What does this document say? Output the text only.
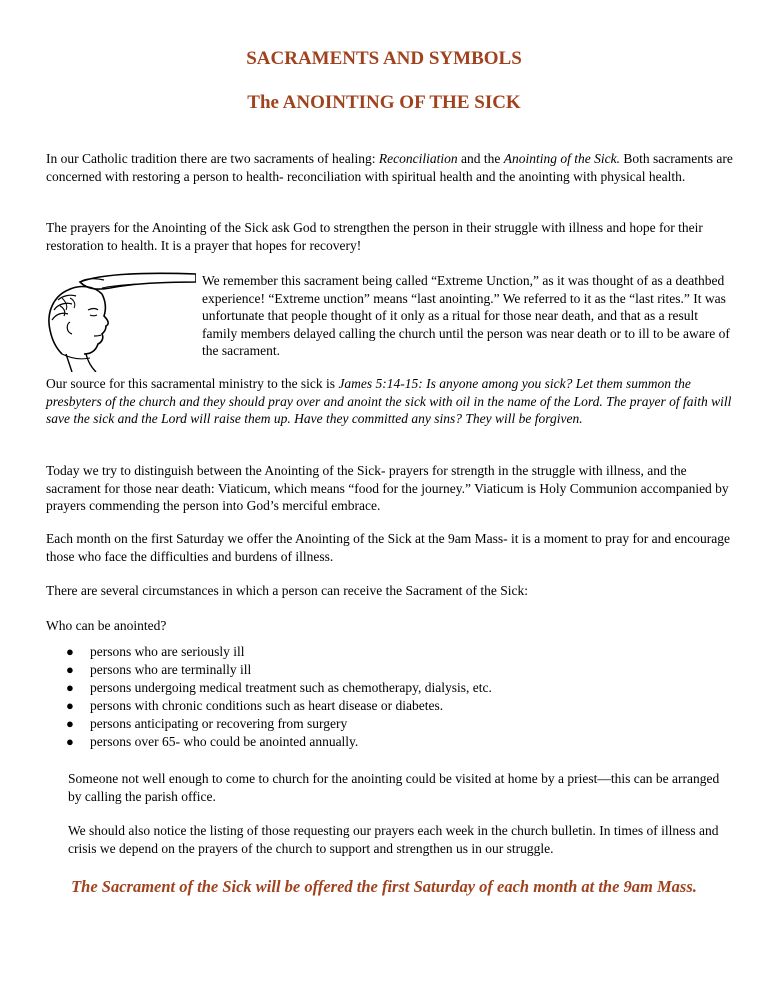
SACRAMENTS AND SYMBOLS
The ANOINTING OF THE SICK

In our Catholic tradition there are two sacraments of healing: Reconciliation and the Anointing of the Sick. Both sacraments are concerned with restoring a person to health- reconciliation with spiritual health and the anointing with physical health.

The prayers for the Anointing of the Sick ask God to strengthen the person in their struggle with illness and hope for their restoration to health. It is a prayer that hopes for recovery!

We remember this sacrament being called “Extreme Unction,” as it was thought of as a deathbed experience! “Extreme unction” means “last anointing.” We referred to it as the “last rites.” It was unfortunate that people thought of it only as a ritual for those near death, and that as a result family members delayed calling the church until the person was near death or to ill to be aware of the sacrament.

Our source for this sacramental ministry to the sick is James 5:14-15: Is anyone among you sick? Let them summon the presbyters of the church and they should pray over and anoint the sick with oil in the name of the Lord. The prayer of faith will save the sick and the Lord will raise them up. Have they committed any sins? They will be forgiven.

Today we try to distinguish between the Anointing of the Sick- prayers for strength in the struggle with illness, and the sacrament for those near death: Viaticum, which means “food for the journey.” Viaticum is Holy Communion accompanied by prayers commending the person into God’s merciful embrace.

Each month on the first Saturday we offer the Anointing of the Sick at the 9am Mass- it is a moment to pray for and encourage those who face the difficulties and burdens of illness.

There are several circumstances in which a person can receive the Sacrament of the Sick:

Who can be anointed?

● persons who are seriously ill
● persons who are terminally ill
● persons undergoing medical treatment such as chemotherapy, dialysis, etc.
● persons with chronic conditions such as heart disease or diabetes.
● persons anticipating or recovering from surgery
● persons over 65- who could be anointed annually.

Someone not well enough to come to church for the anointing could be visited at home by a priest—this can be arranged by calling the parish office.

We should also notice the listing of those requesting our prayers each week in the church bulletin. In times of illness and crisis we depend on the prayers of the church to support and strengthen us in our struggle.

The Sacrament of the Sick will be offered the first Saturday of each month at the 9am Mass.
